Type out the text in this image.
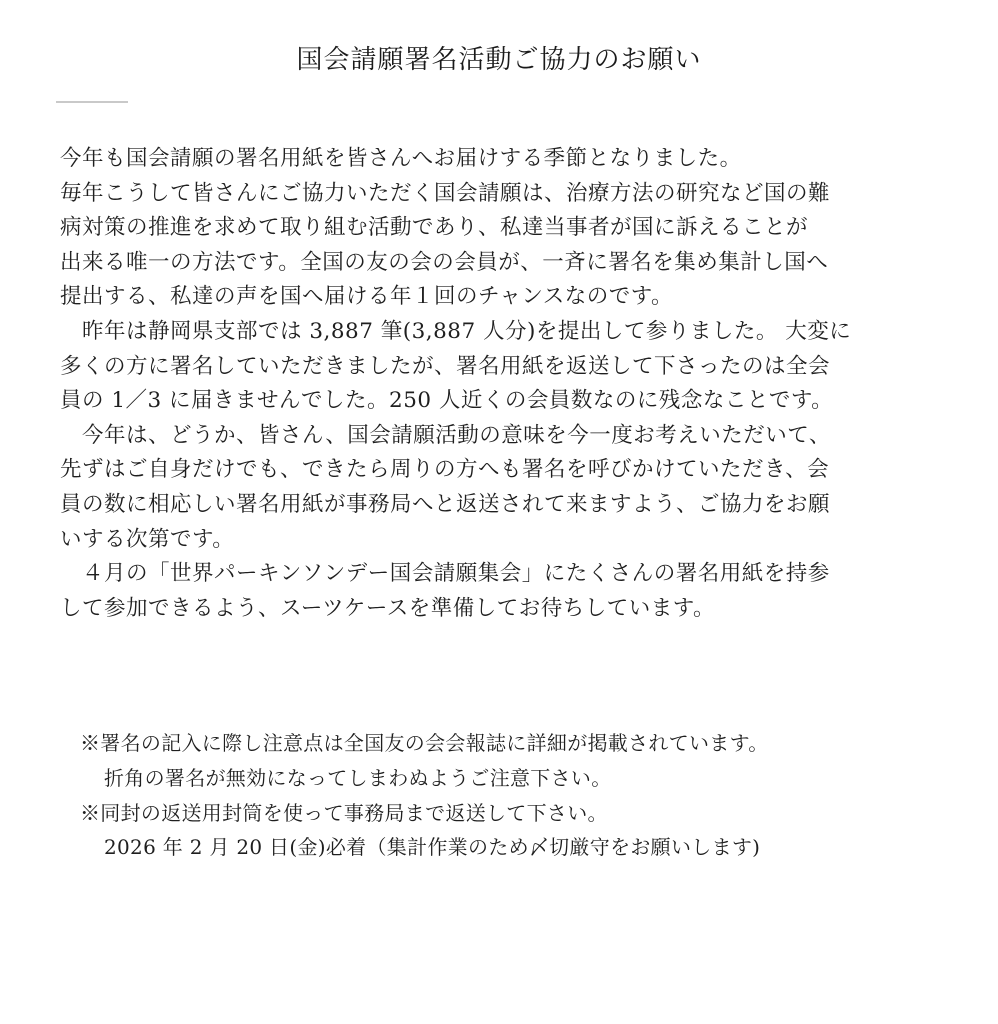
国会請願署名活動ご協力のお願い
今年も国会請願の署名用紙を皆さんへお届けする季節となりました。
毎年こうして皆さんにご協力いただく国会請願は、治療方法の研究など国の難
病対策の推進を求めて取り組む活動であり、私達当事者が国に訴えることが
出来る唯一の方法です。全国の友の会の会員が、一斉に署名を集め集計し国へ
提出する、私達の声を国へ届ける年１回のチャンスなのです。
昨年は静岡県支部では 3,887 筆(3,887 人分)を提出して参りました。 大変に
多くの方に署名していただきましたが、署名用紙を返送して下さったのは全会
員の 1／3 に届きませんでした。250 人近くの会員数なのに残念なことです。
今年は、どうか、皆さん、国会請願活動の意味を今一度お考えいただいて、
先ずはご自身だけでも、できたら周りの方へも署名を呼びかけていただき、会
員の数に相応しい署名用紙が事務局へと返送されて来ますよう、ご協力をお願
いする次第です。
４月の「世界パーキンソンデー国会請願集会」にたくさんの署名用紙を持参
して参加できるよう、スーツケースを準備してお待ちしています。
※署名の記入に際し注意点は全国友の会会報誌に詳細が掲載されています。
折角の署名が無効になってしまわぬようご注意下さい。
※同封の返送用封筒を使って事務局まで返送して下さい。
2026 年 2 月 20 日(金)必着（集計作業のため〆切厳守をお願いします)
